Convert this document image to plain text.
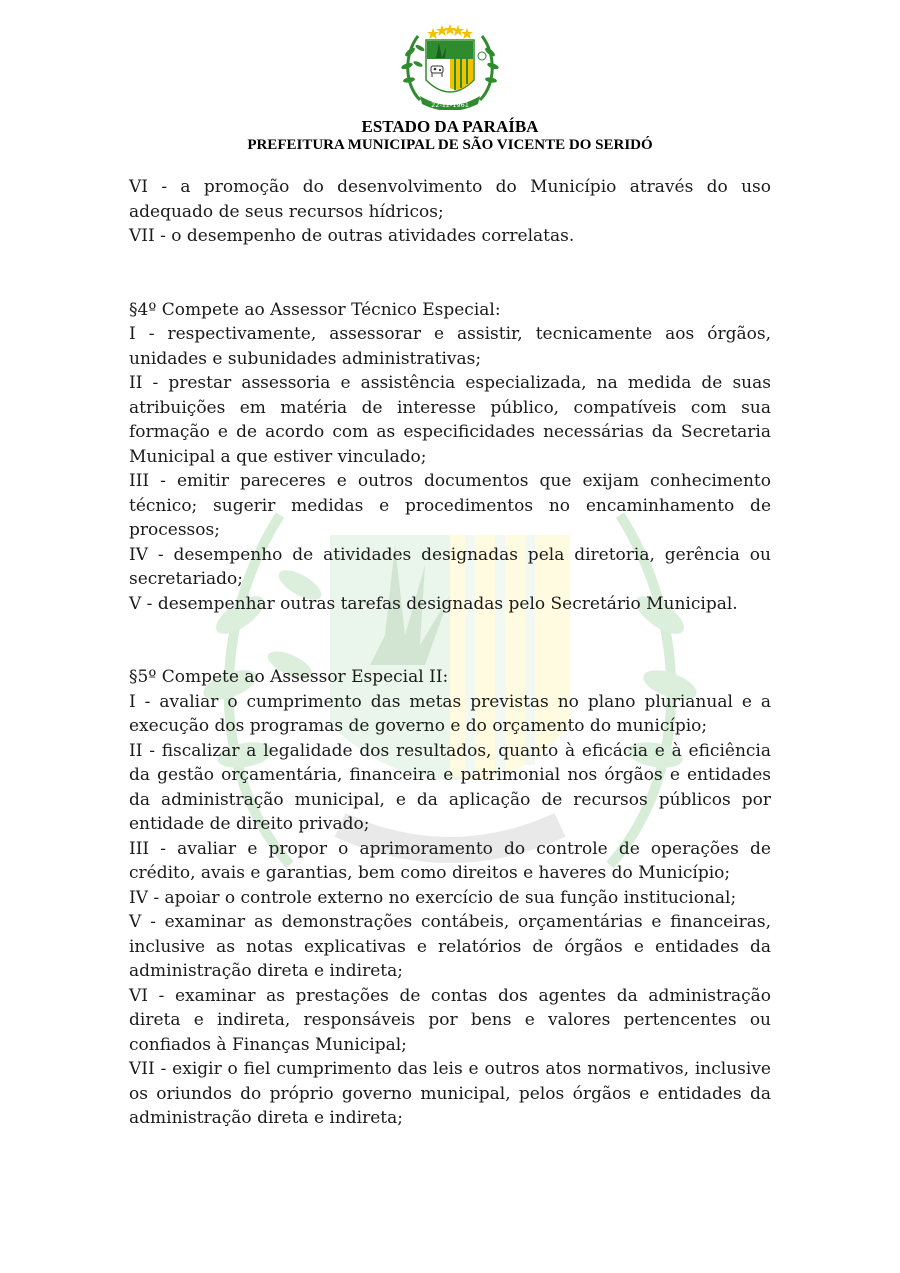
22-12-1961
ESTADO DA PARAÍBA
PREFEITURA MUNICIPAL DE SÃO VICENTE DO SERIDÓ

VI - a promoção do desenvolvimento do Município através do uso adequado de seus recursos hídricos;

VII - o desempenho de outras atividades correlatas.

§4º Compete ao Assessor Técnico Especial:

I - respectivamente, assessorar e assistir, tecnicamente aos órgãos, unidades e subunidades administrativas;

II - prestar assessoria e assistência especializada, na medida de suas atribuições em matéria de interesse público, compatíveis com sua formação e de acordo com as especificidades necessárias da Secretaria Municipal a que estiver vinculado;

III - emitir pareceres e outros documentos que exijam conhecimento técnico; sugerir medidas e procedimentos no encaminhamento de processos;

IV - desempenho de atividades designadas pela diretoria, gerência ou secretariado;

V - desempenhar outras tarefas designadas pelo Secretário Municipal.

§5º Compete ao Assessor Especial II:

I - avaliar o cumprimento das metas previstas no plano plurianual e a execução dos programas de governo e do orçamento do município;

II - fiscalizar a legalidade dos resultados, quanto à eficácia e à eficiência da gestão orçamentária, financeira e patrimonial nos órgãos e entidades da administração municipal, e da aplicação de recursos públicos por entidade de direito privado;

III - avaliar e propor o aprimoramento do controle de operações de crédito, avais e garantias, bem como direitos e haveres do Município;

IV - apoiar o controle externo no exercício de sua função institucional;

V - examinar as demonstrações contábeis, orçamentárias e financeiras, inclusive as notas explicativas e relatórios de órgãos e entidades da administração direta e indireta;

VI - examinar as prestações de contas dos agentes da administração direta e indireta, responsáveis por bens e valores pertencentes ou confiados à Finanças Municipal;

VII - exigir o fiel cumprimento das leis e outros atos normativos, inclusive os oriundos do próprio governo municipal, pelos órgãos e entidades da administração direta e indireta;
